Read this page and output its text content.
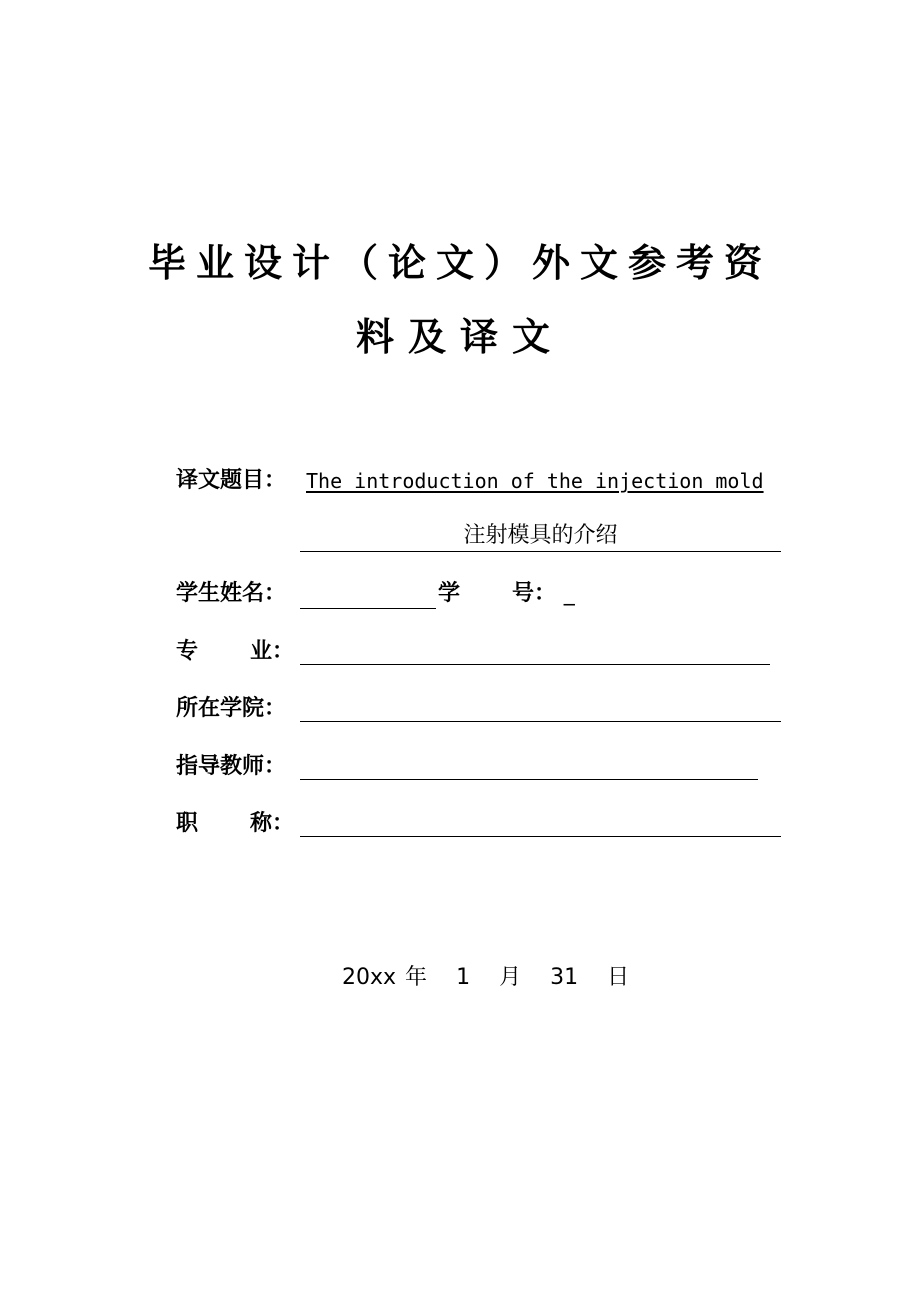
毕业设计（论文）外文参考资
料及译文
译文题目： The introduction of the injection mold
注射模具的介绍
学生姓名：	学 号： _
专 业：
所在学院：
指导教师：
职 称：
20xx 年 1 月 31 日
